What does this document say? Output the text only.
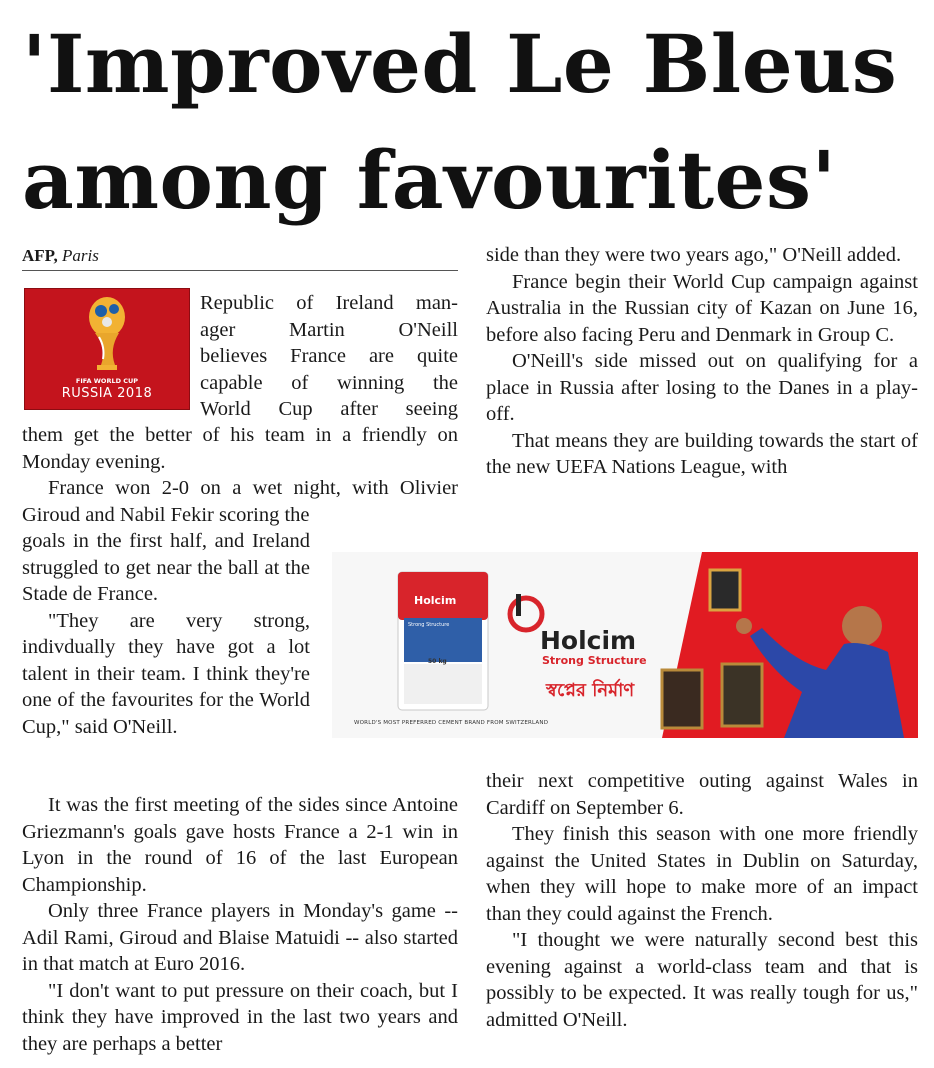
'Improved Le Bleus
among favourites'
AFP, Paris
FIFA WORLD CUP
RUSSIA 2018

Republic of Ireland man-

ager Martin O'Neill

believes France are quite

capable of winning the

World Cup after seeing

them get the better of his team in a friendly on Monday evening.

France won 2-0 on a wet night, with Olivier Giroud and Nabil Fekir scoring the

goals in the first half, and Ireland struggled to get near the ball at the Stade de France.

"They are very strong, indivdually they have got a lot talent in their team. I think they're one of the favourites for the World Cup," said O'Neill.

It was the first meeting of the sides since Antoine Griezmann's goals gave hosts France a 2-1 win in Lyon in the round of 16 of the last European Championship.

Only three France players in Monday's game -- Adil Rami, Giroud and Blaise Matuidi -- also started in that match at Euro 2016.

"I don't want to put pressure on their coach, but I think they have improved in the last two years and they are perhaps a better

side than they were two years ago," O'Neill added.

France begin their World Cup campaign against Australia in the Russian city of Kazan on June 16, before also facing Peru and Denmark in Group C.

O'Neill's side missed out on qualifying for a place in Russia after losing to the Danes in a play-off.

That means they are building towards the start of the new UEFA Nations League, with

their next competitive outing against Wales in Cardiff on September 6.

They finish this season with one more friendly against the United States in Dublin on Saturday, when they will hope to make more of an impact than they could against the French.

"I thought we were naturally second best this evening against a world-class team and that is possibly to be expected. It was really tough for us," admitted O'Neill.

Holcim
Strong Structure
50 kg
Holcim
Strong Structure
স্বপ্নের নির্মাণ
WORLD'S MOST PREFERRED CEMENT BRAND FROM SWITZERLAND
